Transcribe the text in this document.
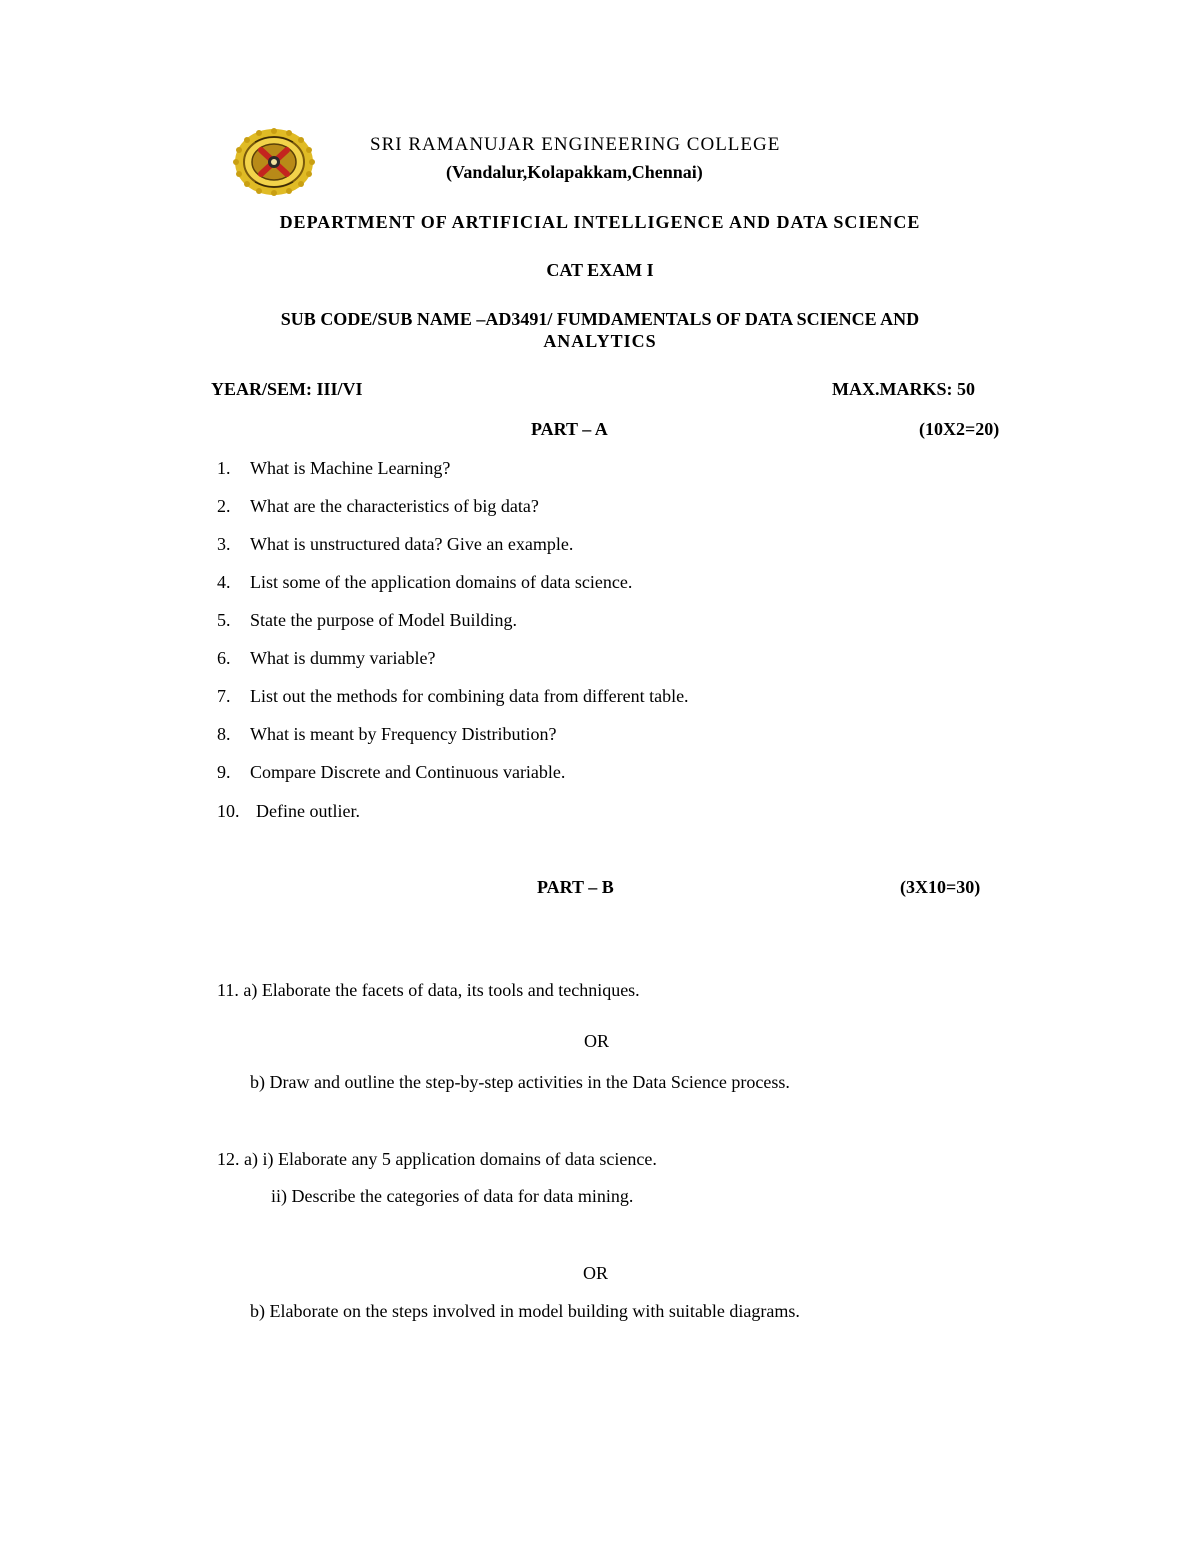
SRI RAMANUJAR ENGINEERING COLLEGE
(Vandalur,Kolapakkam,Chennai)
DEPARTMENT OF ARTIFICIAL INTELLIGENCE AND DATA SCIENCE
CAT EXAM I
SUB CODE/SUB NAME –AD3491/ FUMDAMENTALS OF DATA SCIENCE AND
ANALYTICS
YEAR/SEM: III/VI	MAX.MARKS: 50
PART – A	(10X2=20)
1. What is Machine Learning?
2. What are the characteristics of big data?
3. What is unstructured data? Give an example.
4. List some of the application domains of data science.
5. State the purpose of Model Building.
6. What is dummy variable?
7. List out the methods for combining data from different table.
8. What is meant by Frequency Distribution?
9. Compare Discrete and Continuous variable.
10. Define outlier.
PART – B	(3X10=30)
11. a) Elaborate the facets of data, its tools and techniques.
OR
b) Draw and outline the step-by-step activities in the Data Science process.
12. a) i) Elaborate any 5 application domains of data science.
ii) Describe the categories of data for data mining.
OR
b) Elaborate on the steps involved in model building with suitable diagrams.
